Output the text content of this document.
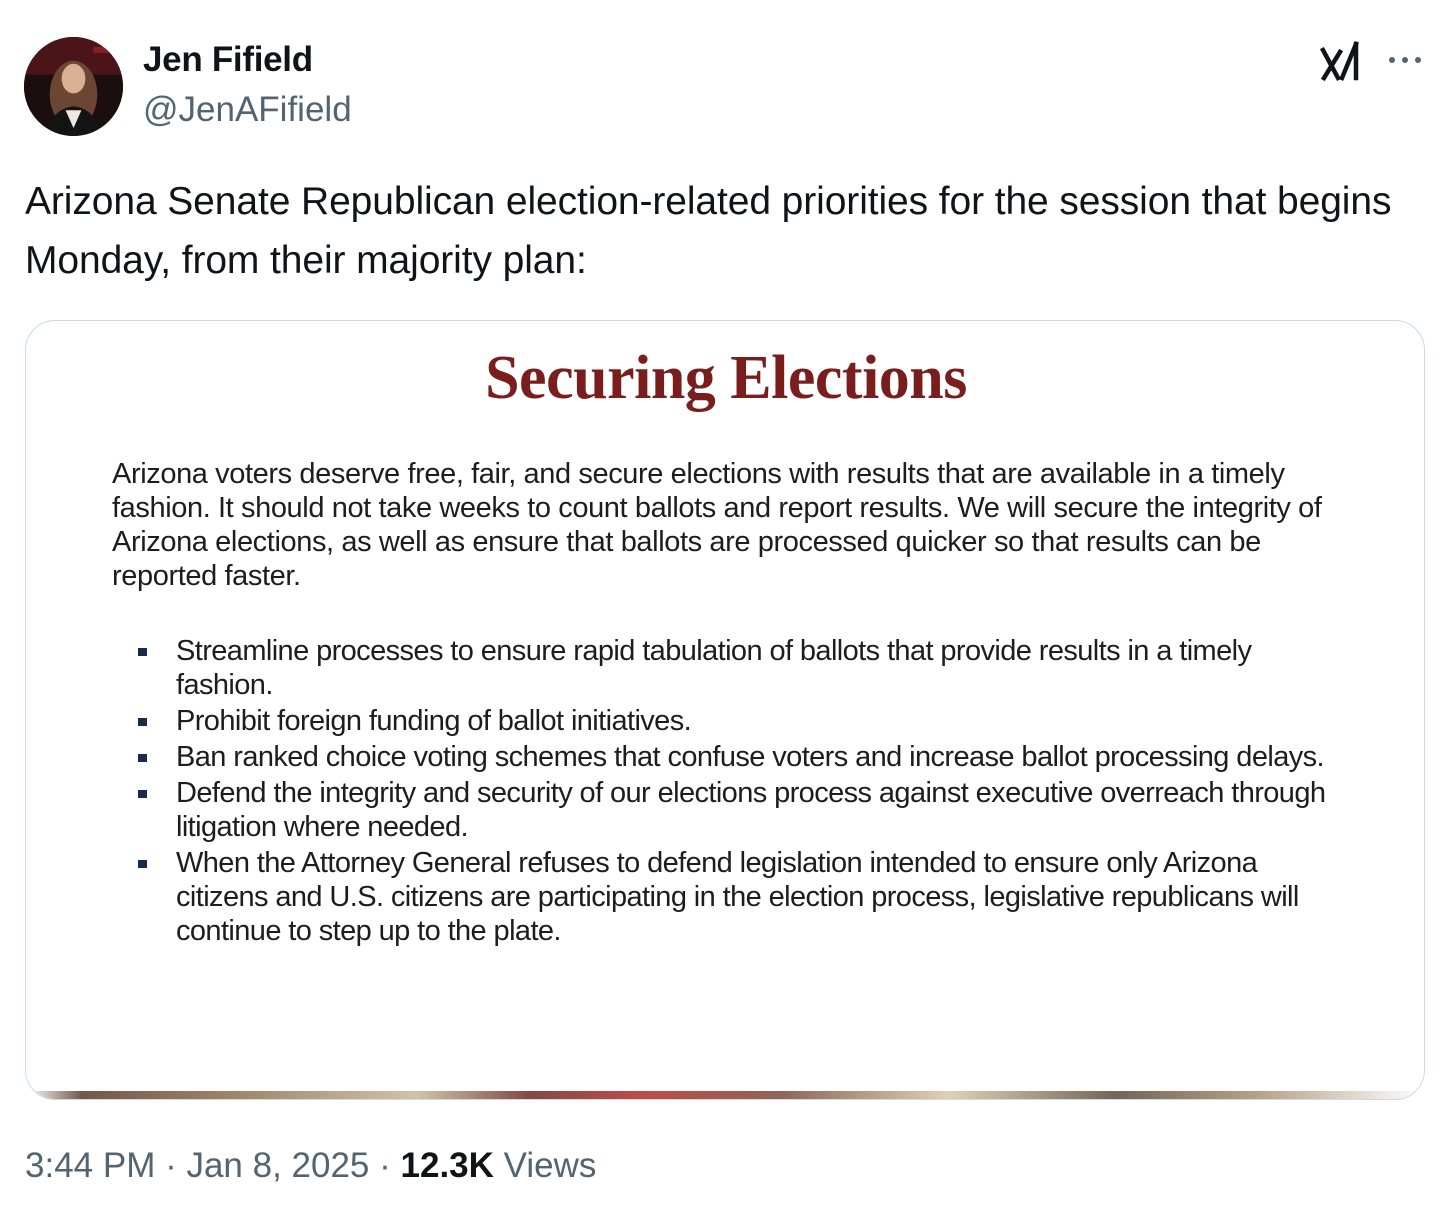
Jen Fifield
@JenAFifield
Arizona Senate Republican election-related priorities for the session that begins Monday, from their majority plan:
Securing Elections
Arizona voters deserve free, fair, and secure elections with results that are available in a timely fashion. It should not take weeks to count ballots and report results. We will secure the integrity of Arizona elections, as well as ensure that ballots are processed quicker so that results can be reported faster.
Streamline processes to ensure rapid tabulation of ballots that provide results in a timely fashion.
Prohibit foreign funding of ballot initiatives.
Ban ranked choice voting schemes that confuse voters and increase ballot processing delays.
Defend the integrity and security of our elections process against executive overreach through litigation where needed.
When the Attorney General refuses to defend legislation intended to ensure only Arizona citizens and U.S. citizens are participating in the election process, legislative republicans will continue to step up to the plate.
3:44 PM · Jan 8, 2025 · 12.3K Views
